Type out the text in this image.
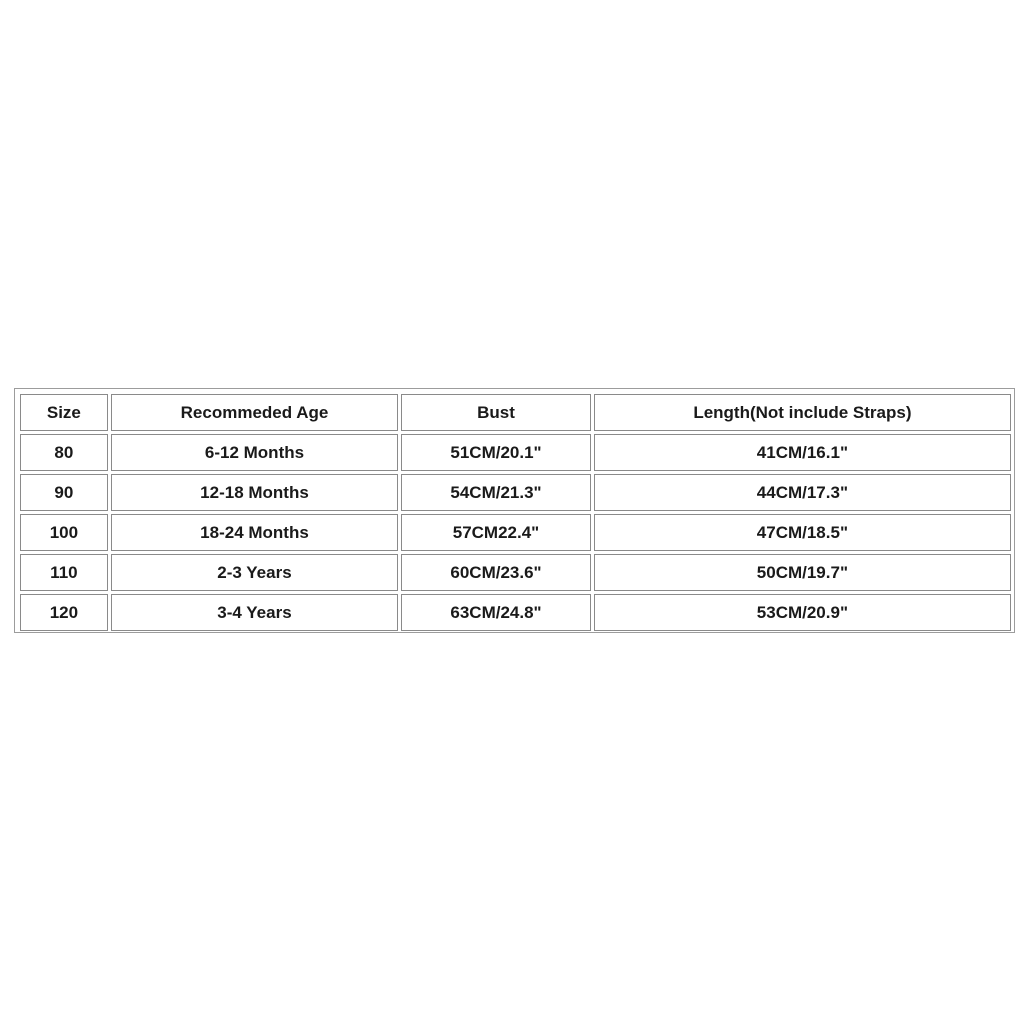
Size	Recommeded Age	Bust	Length(Not include Straps)
80	6-12 Months	51CM/20.1"	41CM/16.1"
90	12-18 Months	54CM/21.3"	44CM/17.3"
100	18-24 Months	57CM22.4"	47CM/18.5"
110	2-3 Years	60CM/23.6"	50CM/19.7"
120	3-4 Years	63CM/24.8"	53CM/20.9"
